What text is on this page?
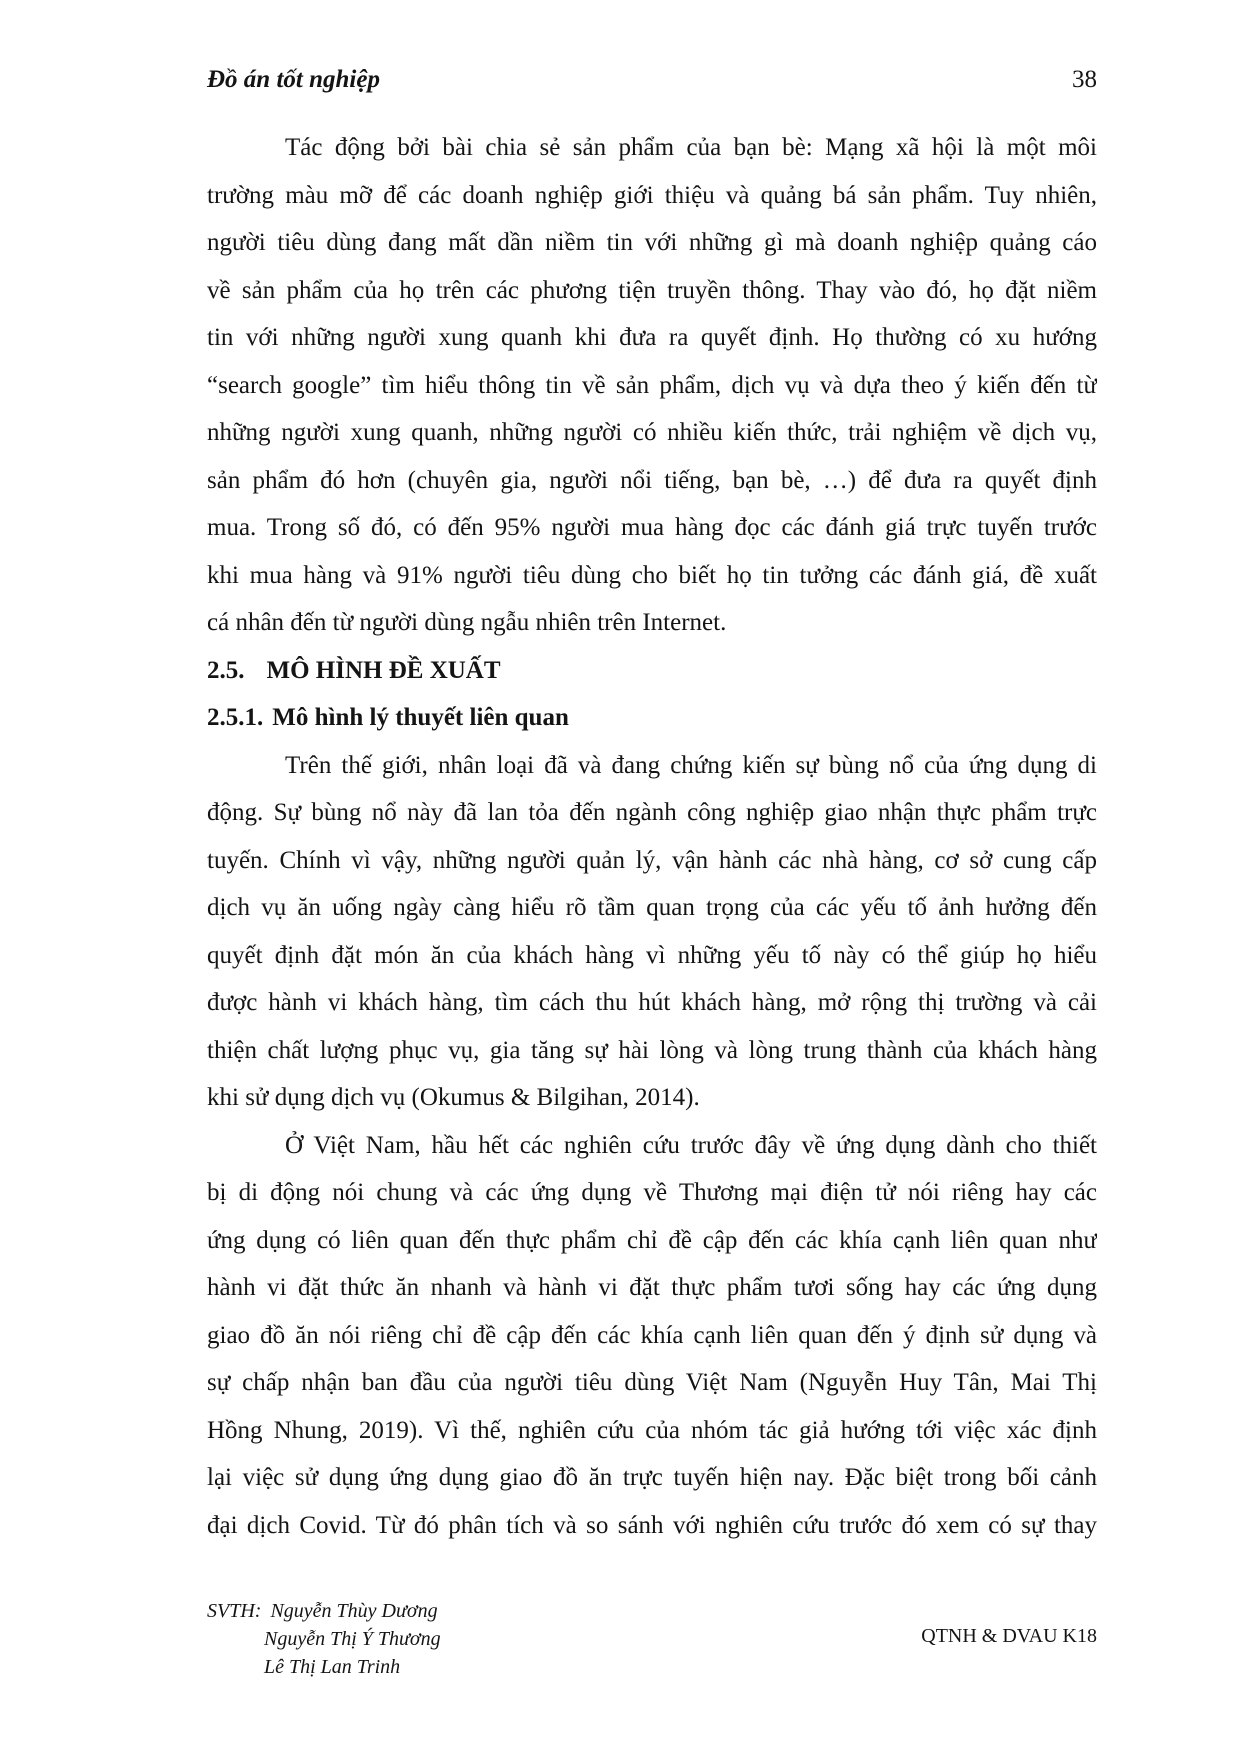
Đồ án tốt nghiệp	38
Tác động bởi bài chia sẻ sản phẩm của bạn bè: Mạng xã hội là một môi
trường màu mỡ để các doanh nghiệp giới thiệu và quảng bá sản phẩm. Tuy nhiên,
người tiêu dùng đang mất dần niềm tin với những gì mà doanh nghiệp quảng cáo
về sản phẩm của họ trên các phương tiện truyền thông. Thay vào đó, họ đặt niềm
tin với những người xung quanh khi đưa ra quyết định. Họ thường có xu hướng
“search google” tìm hiểu thông tin về sản phẩm, dịch vụ và dựa theo ý kiến đến từ
những người xung quanh, những người có nhiều kiến thức, trải nghiệm về dịch vụ,
sản phẩm đó hơn (chuyên gia, người nổi tiếng, bạn bè, …) để đưa ra quyết định
mua. Trong số đó, có đến 95% người mua hàng đọc các đánh giá trực tuyến trước
khi mua hàng và 91% người tiêu dùng cho biết họ tin tưởng các đánh giá, đề xuất
cá nhân đến từ người dùng ngẫu nhiên trên Internet.
2.5. MÔ HÌNH ĐỀ XUẤT
2.5.1. Mô hình lý thuyết liên quan
Trên thế giới, nhân loại đã và đang chứng kiến sự bùng nổ của ứng dụng di
động. Sự bùng nổ này đã lan tỏa đến ngành công nghiệp giao nhận thực phẩm trực
tuyến. Chính vì vậy, những người quản lý, vận hành các nhà hàng, cơ sở cung cấp
dịch vụ ăn uống ngày càng hiểu rõ tầm quan trọng của các yếu tố ảnh hưởng đến
quyết định đặt món ăn của khách hàng vì những yếu tố này có thể giúp họ hiểu
được hành vi khách hàng, tìm cách thu hút khách hàng, mở rộng thị trường và cải
thiện chất lượng phục vụ, gia tăng sự hài lòng và lòng trung thành của khách hàng
khi sử dụng dịch vụ (Okumus & Bilgihan, 2014).
Ở Việt Nam, hầu hết các nghiên cứu trước đây về ứng dụng dành cho thiết
bị di động nói chung và các ứng dụng về Thương mại điện tử nói riêng hay các
ứng dụng có liên quan đến thực phẩm chỉ đề cập đến các khía cạnh liên quan như
hành vi đặt thức ăn nhanh và hành vi đặt thực phẩm tươi sống hay các ứng dụng
giao đồ ăn nói riêng chỉ đề cập đến các khía cạnh liên quan đến ý định sử dụng và
sự chấp nhận ban đầu của người tiêu dùng Việt Nam (Nguyễn Huy Tân, Mai Thị
Hồng Nhung, 2019). Vì thế, nghiên cứu của nhóm tác giả hướng tới việc xác định
lại việc sử dụng ứng dụng giao đồ ăn trực tuyến hiện nay. Đặc biệt trong bối cảnh
đại dịch Covid. Từ đó phân tích và so sánh với nghiên cứu trước đó xem có sự thay
SVTH: Nguyễn Thùy Dương
Nguyễn Thị Ý Thương
Lê Thị Lan Trinh
QTNH & DVAU K18
